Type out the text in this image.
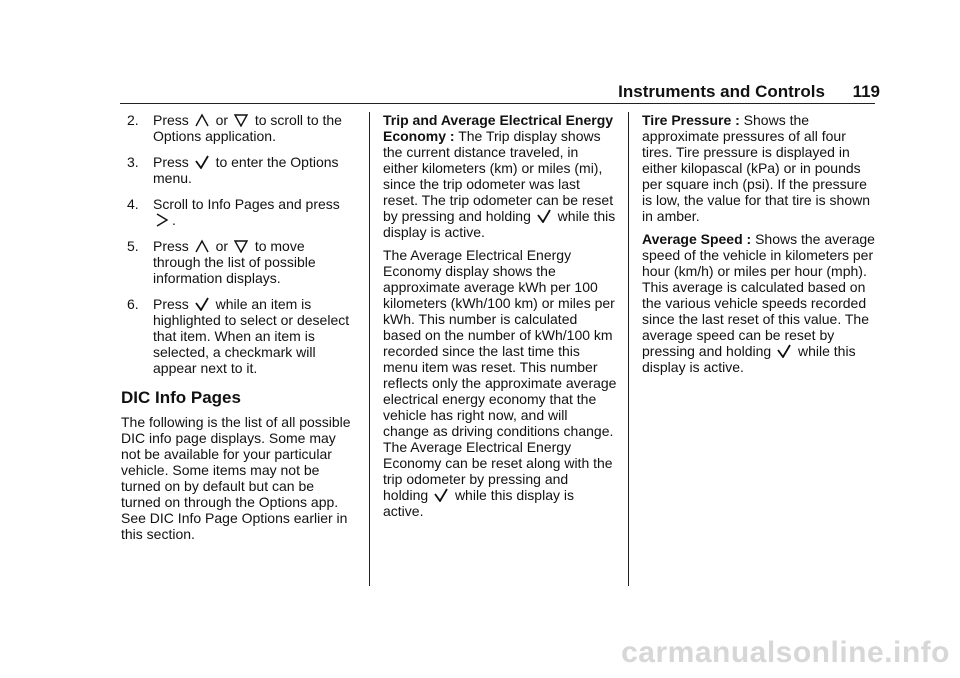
Instruments and Controls 119
2. Press or to scroll to the Options application.
3. Press to enter the Options menu.
4. Scroll to Info Pages and press
.
5. Press or to move through the list of possible information displays.
6. Press while an item is highlighted to select or deselect that item. When an item is selected, a checkmark will appear next to it.
DIC Info Pages

The following is the list of all possible DIC info page displays. Some may not be available for your particular vehicle. Some items may not be turned on by default but can be turned on through the Options app. See DIC Info Page Options earlier in this section.

Trip and Average Electrical Energy Economy : The Trip display shows the current distance traveled, in either kilometers (km) or miles (mi), since the trip odometer was last reset. The trip odometer can be reset by pressing and holding while this display is active.

The Average Electrical Energy Economy display shows the approximate average kWh per 100 kilometers (kWh/100 km) or miles per kWh. This number is calculated based on the number of kWh/100 km recorded since the last time this menu item was reset. This number reflects only the approximate average electrical energy economy that the vehicle has right now, and will change as driving conditions change. The Average Electrical Energy Economy can be reset along with the trip odometer by pressing and holding while this display is active.

Tire Pressure : Shows the approximate pressures of all four tires. Tire pressure is displayed in either kilopascal (kPa) or in pounds per square inch (psi). If the pressure is low, the value for that tire is shown in amber.

Average Speed : Shows the average speed of the vehicle in kilometers per hour (km/h) or miles per hour (mph). This average is calculated based on the various vehicle speeds recorded since the last reset of this value. The average speed can be reset by pressing and holding while this display is active.

carmanualsonline.info
